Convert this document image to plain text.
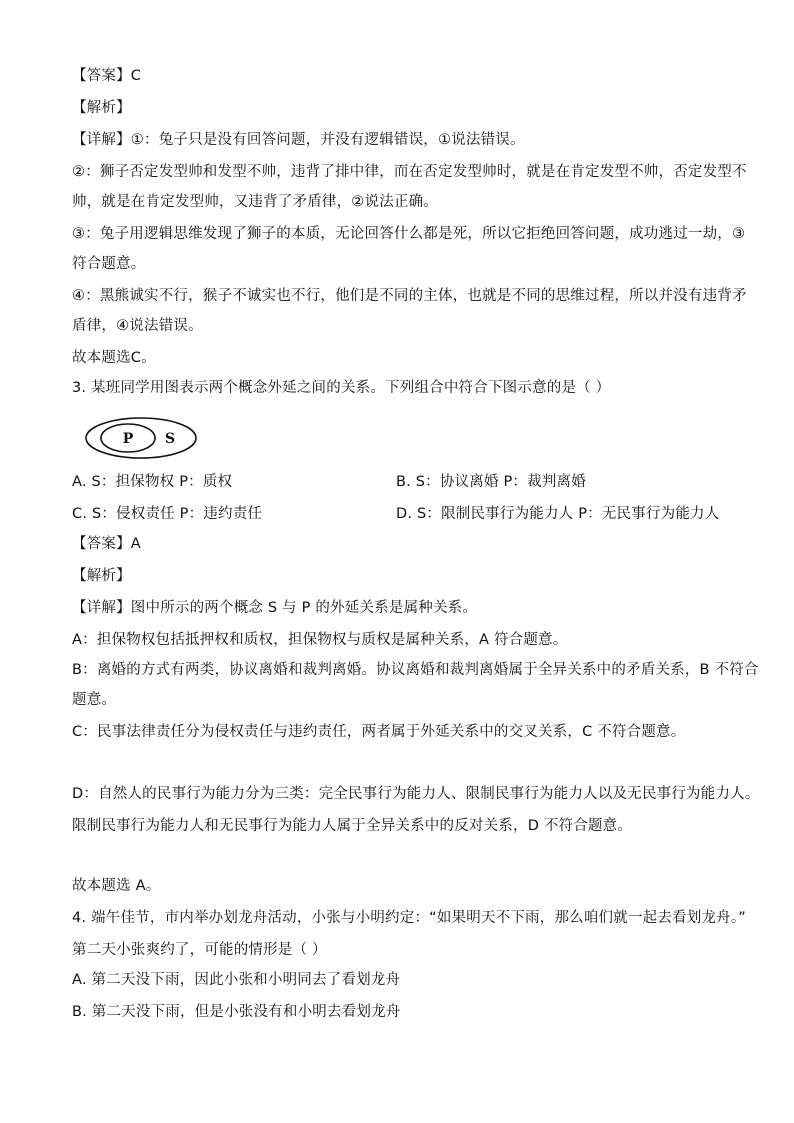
【答案】C
【解析】
【详解】①：兔子只是没有回答问题，并没有逻辑错误，①说法错误。
②：狮子否定发型帅和发型不帅，违背了排中律，而在否定发型帅时，就是在肯定发型不帅，否定发型不
帅，就是在肯定发型帅，又违背了矛盾律，②说法正确。
③：兔子用逻辑思维发现了狮子的本质，无论回答什么都是死，所以它拒绝回答问题，成功逃过一劫，③
符合题意。
④：黑熊诚实不行，猴子不诚实也不行，他们是不同的主体，也就是不同的思维过程，所以并没有违背矛
盾律，④说法错误。
故本题选C。
3. 某班同学用图表示两个概念外延之间的关系。下列组合中符合下图示意的是（ ）
P S
A. S：担保物权 P：质权	B. S：协议离婚 P：裁判离婚
C. S：侵权责任 P：违约责任	D. S：限制民事行为能力人 P：无民事行为能力人
【答案】A
【解析】
【详解】图中所示的两个概念 S 与 P 的外延关系是属种关系。
A：担保物权包括抵押权和质权，担保物权与质权是属种关系，A 符合题意。
B：离婚的方式有两类，协议离婚和裁判离婚。协议离婚和裁判离婚属于全异关系中的矛盾关系，B 不符合
题意。
C：民事法律责任分为侵权责任与违约责任，两者属于外延关系中的交叉关系，C 不符合题意。
D：自然人的民事行为能力分为三类：完全民事行为能力人、限制民事行为能力人以及无民事行为能力人。
限制民事行为能力人和无民事行为能力人属于全异关系中的反对关系，D 不符合题意。
故本题选 A。
4. 端午佳节，市内举办划龙舟活动，小张与小明约定：“如果明天不下雨，那么咱们就一起去看划龙舟。”
第二天小张爽约了，可能的情形是（ ）
A. 第二天没下雨，因此小张和小明同去了看划龙舟
B. 第二天没下雨，但是小张没有和小明去看划龙舟
